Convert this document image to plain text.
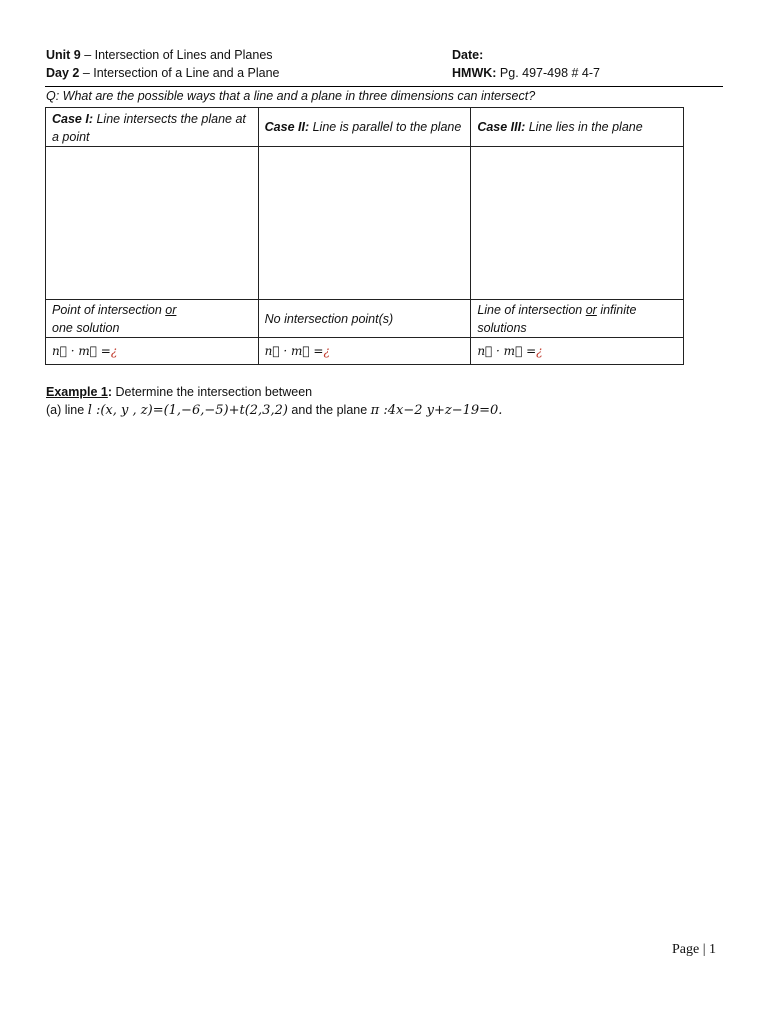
Unit 9 – Intersection of Lines and Planes
Day 2 – Intersection of a Line and a Plane
Date:
HMWK: Pg. 497-498 # 4-7
Q: What are the possible ways that a line and a plane in three dimensions can intersect?
Case I: Line intersects the plane at a point	Case II: Line is parallel to the plane	Case III: Line lies in the plane

Point of intersection or
one solution	No intersection point(s)	Line of intersection or infinite solutions
n⃗ · m⃗ =¿	n⃗ · m⃗ =¿	n⃗ · m⃗ =¿
Example 1: Determine the intersection between
(a) line l :(x, y , z)=(1,−6,−5)+t(2,3,2) and the plane π :4x−2 y+z−19=0.
Page | 1
